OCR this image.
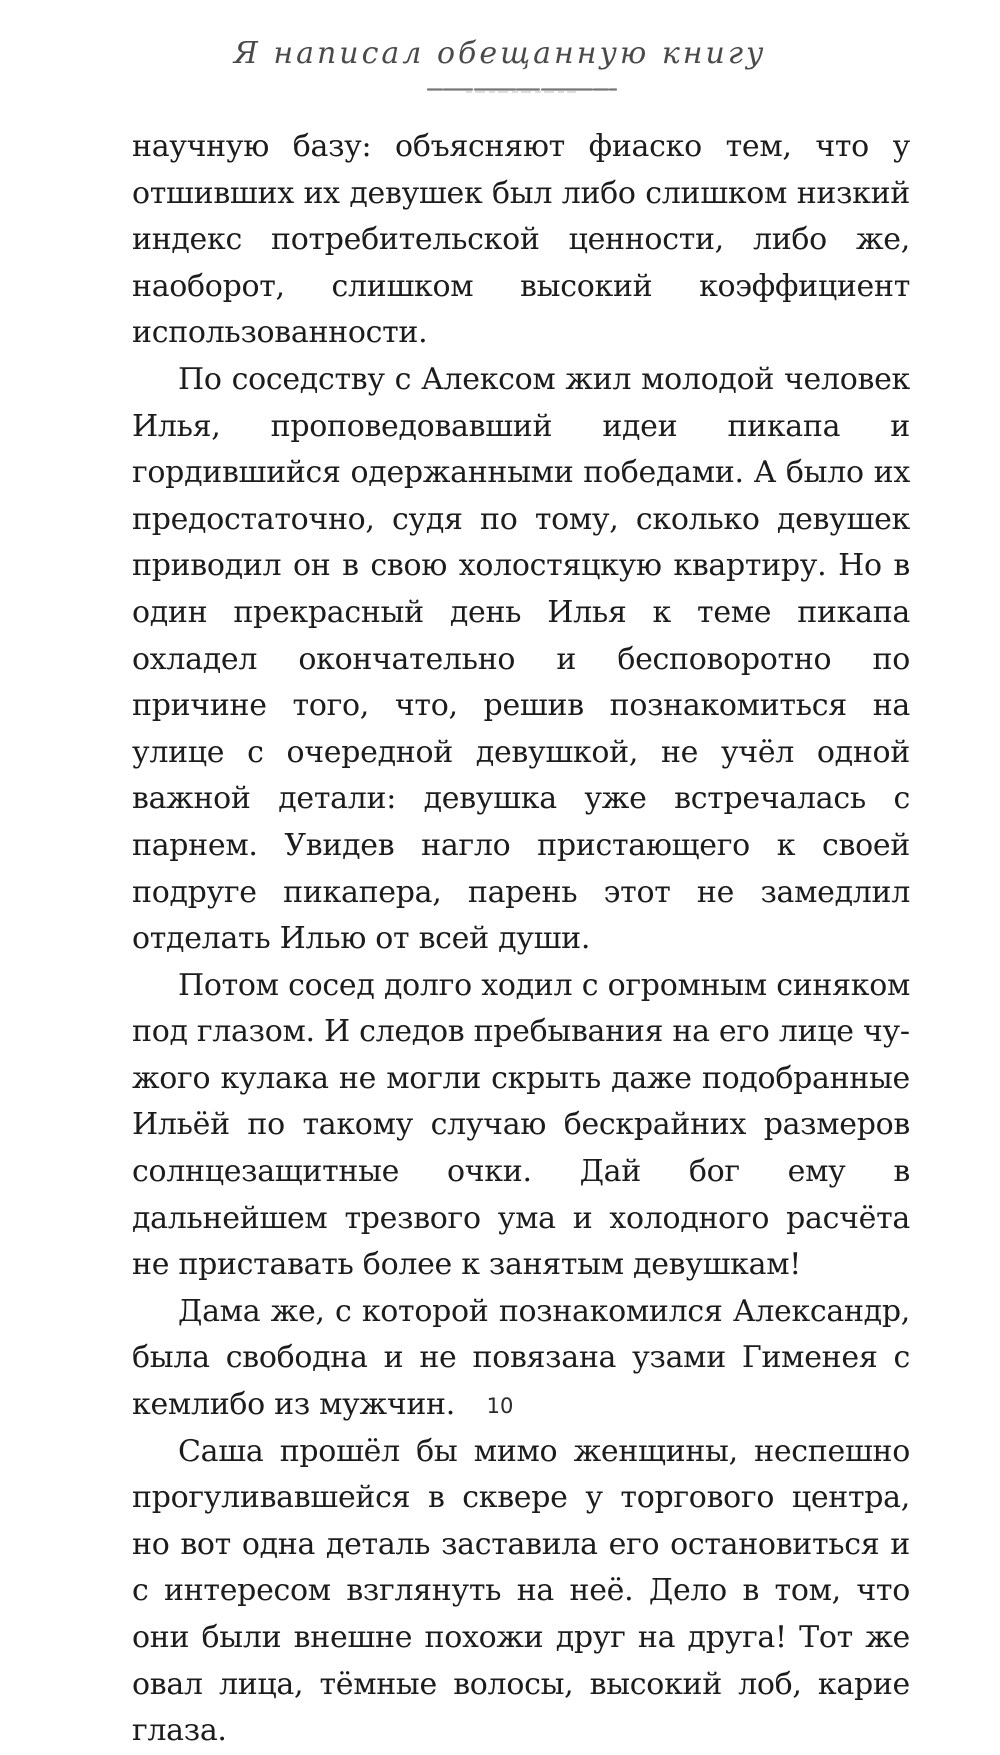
Я написал обещанную книгу

научную базу: объясняют фиаско тем, что у отшивших их девушек был либо слишком низкий индекс потребительской ценности, либо же, наоборот, слишком высокий коэффициент использованности.

По соседству с Алексом жил молодой человек Илья, проповедовавший идеи пикапа и гордившийся одержанными победами. А было их предостаточно, судя по тому, сколько девушек приводил он в свою холостяцкую квартиру. Но в один прекрасный день Илья к теме пикапа охладел окончательно и бесповоротно по причине того, что, решив познакомиться на улице с очередной девушкой, не учёл одной важной детали: девушка уже встречалась с парнем. Увидев нагло пристающего к своей подруге пикапера, парень этот не замедлил отделать Илью от всей души.

Потом сосед долго ходил с огромным синяком под глазом. И следов пребывания на его лице чужого кулака не могли скрыть даже подобранные Ильёй по такому случаю бескрайних размеров солнцезащитные очки. Дай бог ему в дальнейшем трезвого ума и холодного расчёта не приставать более к занятым девушкам!

Дама же, с которой познакомился Александр, была свободна и не повязана узами Гименея с кемлибо из мужчин.

Саша прошёл бы мимо женщины, неспешно прогуливавшейся в сквере у торгового центра, но вот одна деталь заставила его остановиться и с интересом взглянуть на неё. Дело в том, что они были внешне похожи друг на друга! Тот же овал лица, тёмные волосы, высокий лоб, карие глаза.

10
